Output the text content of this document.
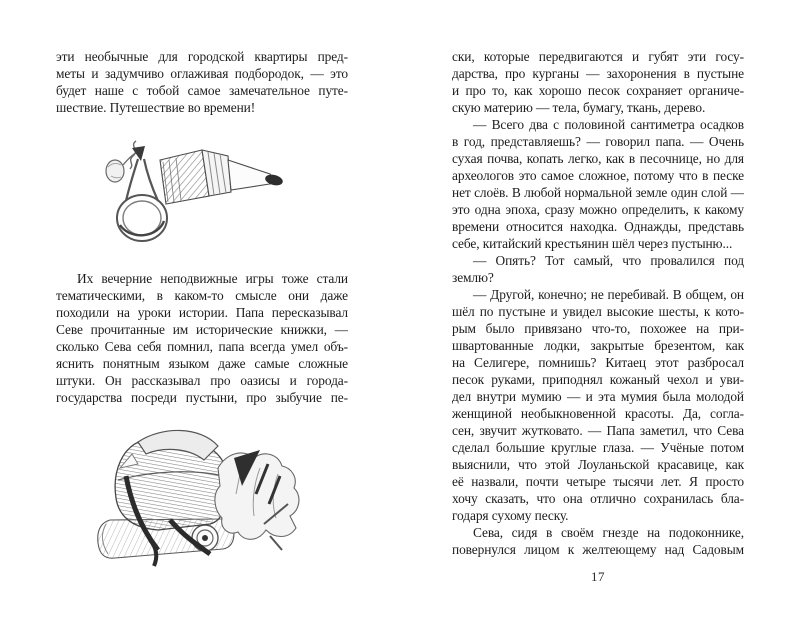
эти необычные для городской квартиры пред-
меты и задумчиво оглаживая подбородок, — это
будет наше с тобой самое замечательное путе-
шествие. Путешествие во времени!
Их вечерние неподвижные игры тоже стали
тематическими, в каком-то смысле они даже
походили на уроки истории. Папа пересказывал
Севе прочитанные им исторические книжки, —
сколько Сева себя помнил, папа всегда умел объ-
яснить понятным языком даже самые сложные
штуки. Он рассказывал про оазисы и города-
государства посреди пустыни, про зыбучие пе-
ски, которые передвигаются и губят эти госу-
дарства, про курганы — захоронения в пустыне
и про то, как хорошо песок сохраняет органиче-
скую материю — тела, бумагу, ткань, дерево.
— Всего два с половиной сантиметра осадков
в год, представляешь? — говорил папа. — Очень
сухая почва, копать легко, как в песочнице, но для
археологов это самое сложное, потому что в песке
нет слоёв. В любой нормальной земле один слой —
это одна эпоха, сразу можно определить, к какому
времени относится находка. Однажды, представь
себе, китайский крестьянин шёл через пустыню...
— Опять? Тот самый, что провалился под
землю?
— Другой, конечно; не перебивай. В общем, он
шёл по пустыне и увидел высокие шесты, к кото-
рым было привязано что-то, похожее на при-
швартованные лодки, закрытые брезентом, как
на Селигере, помнишь? Китаец этот разбросал
песок руками, приподнял кожаный чехол и уви-
дел внутри мумию — и эта мумия была молодой
женщиной необыкновенной красоты. Да, согла-
сен, звучит жутковато. — Папа заметил, что Сева
сделал большие круглые глаза. — Учёные потом
выяснили, что этой Лоуланьской красавице, как
её назвали, почти четыре тысячи лет. Я просто
хочу сказать, что она отлично сохранилась бла-
годаря сухому песку.
Сева, сидя в своём гнезде на подоконнике,
повернулся лицом к желтеющему над Садовым
17
